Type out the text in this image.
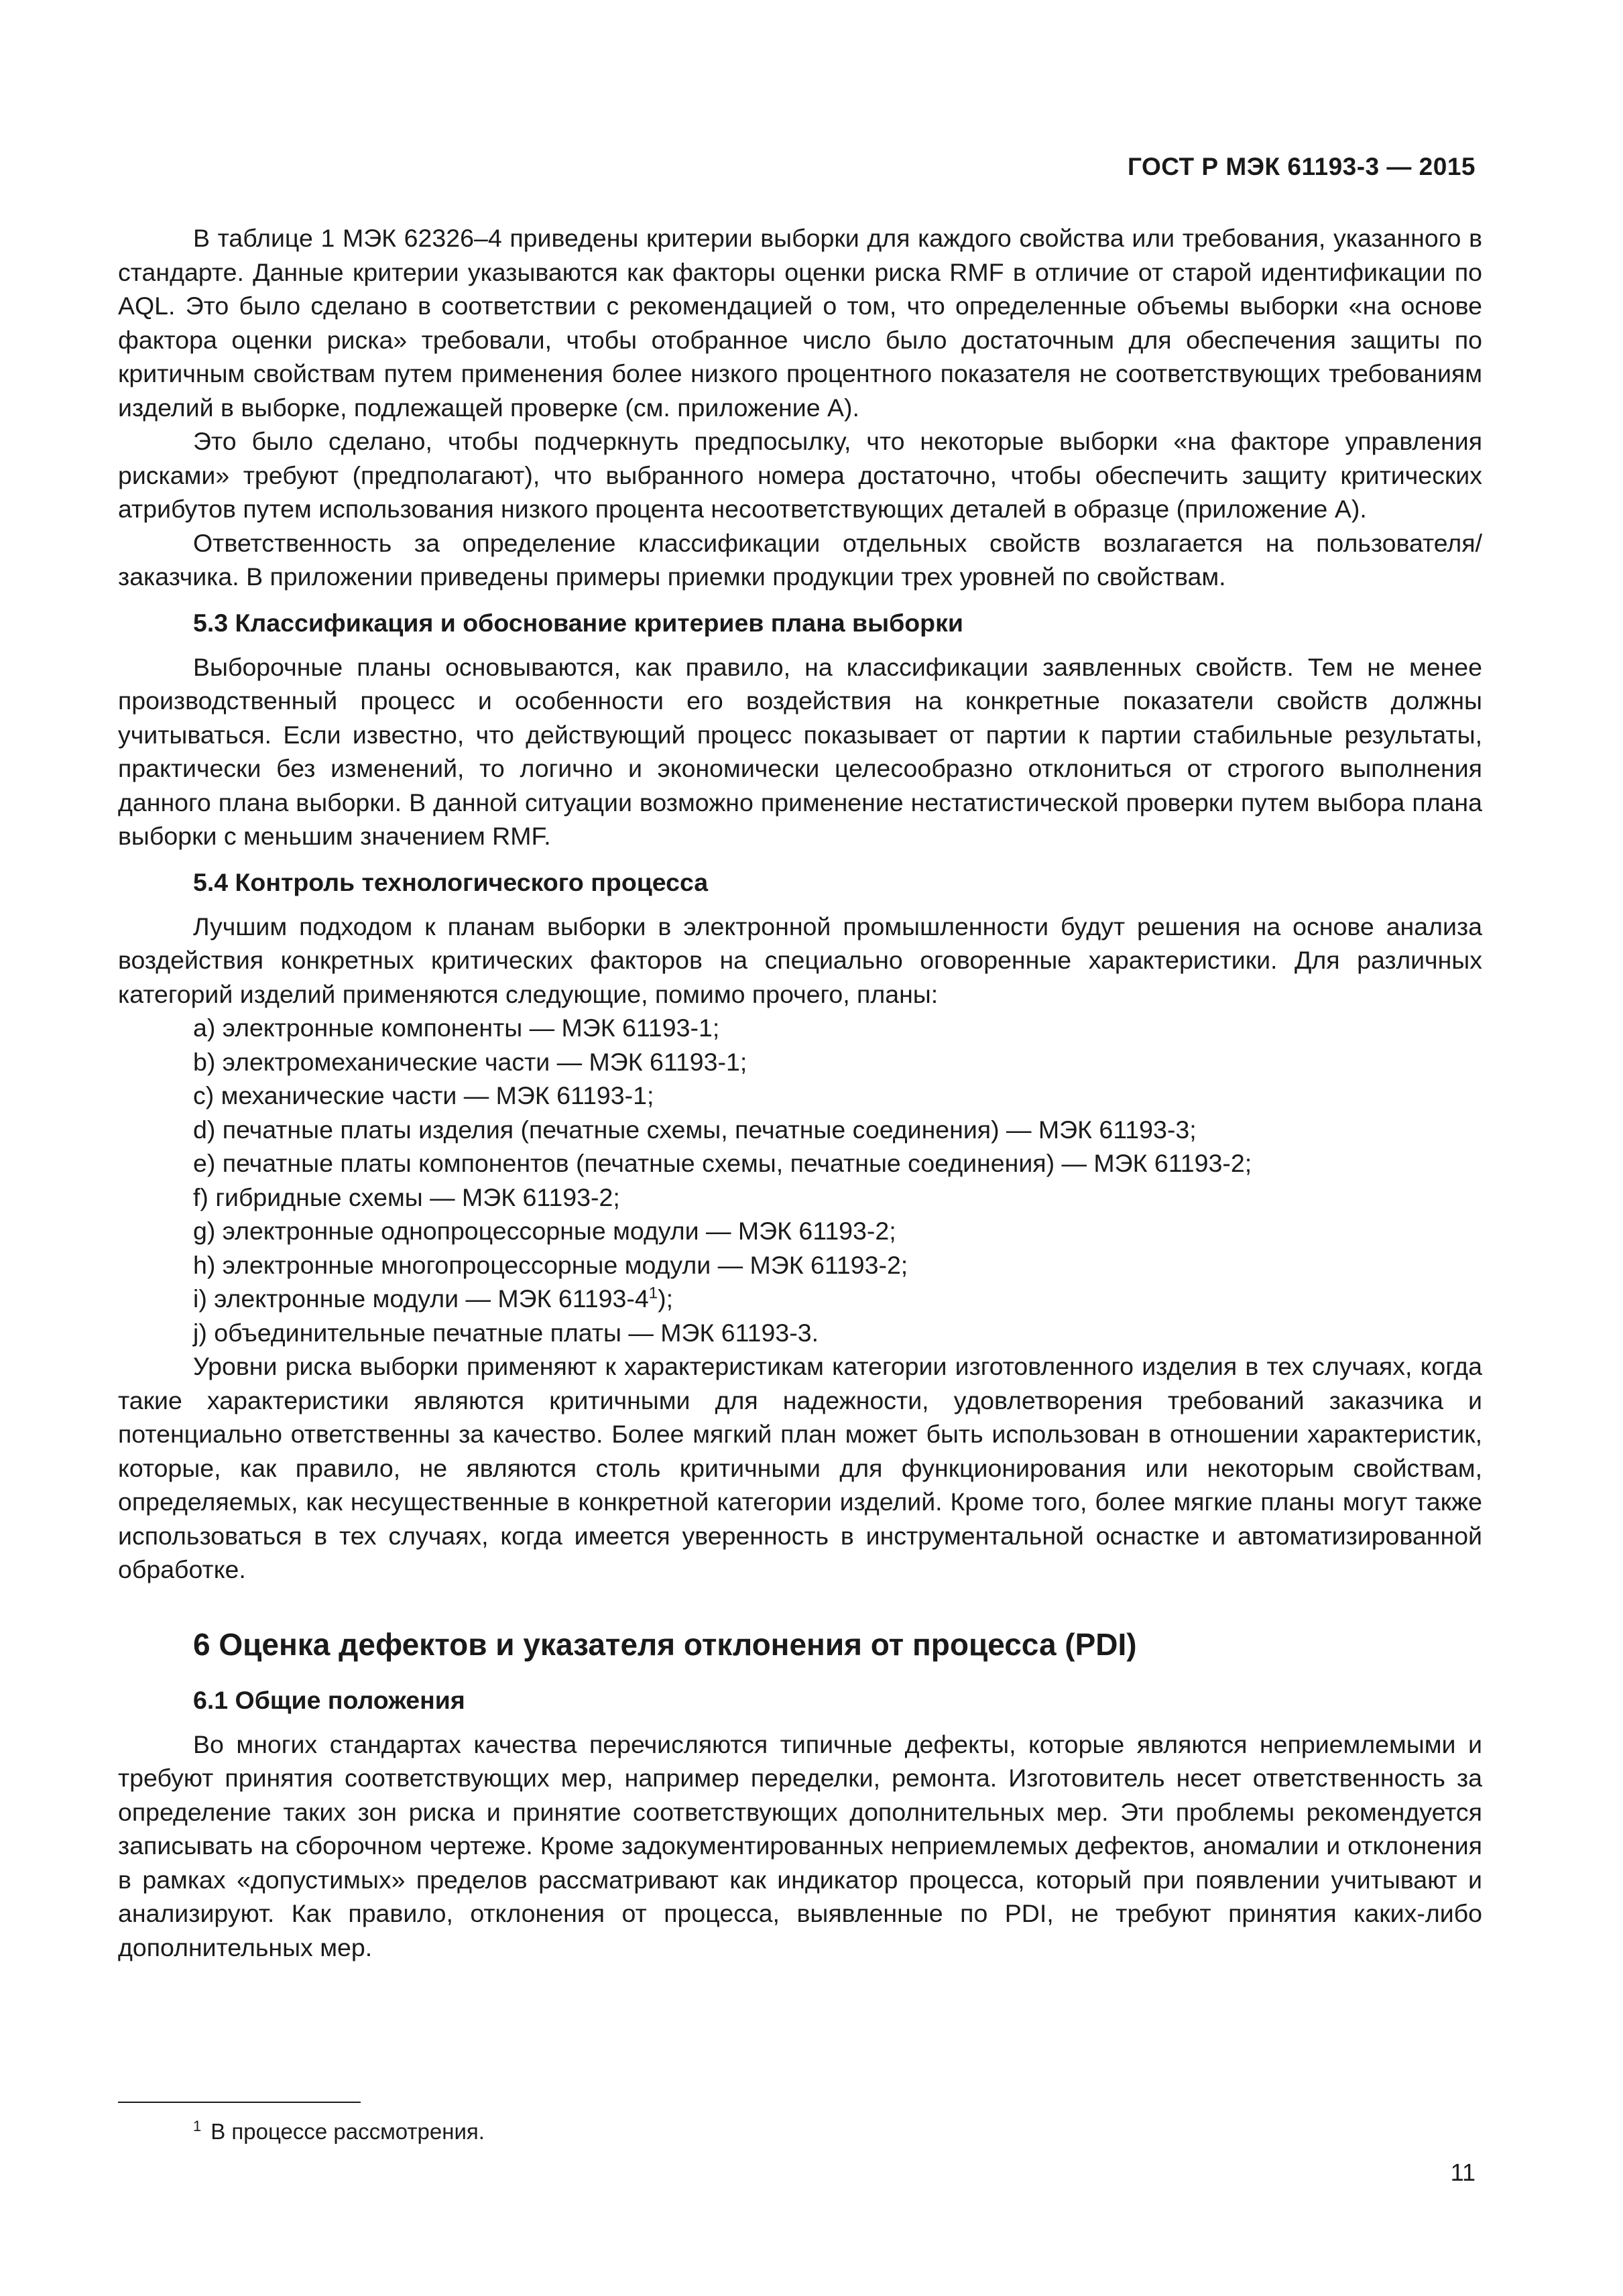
ГОСТ Р МЭК 61193-3 — 2015

В таблице 1 МЭК 62326–4 приведены критерии выборки для каждого свойства или требования, указанного в стандарте. Данные критерии указываются как факторы оценки риска RMF в отличие от старой идентификации по AQL. Это было сделано в соответствии с рекомендацией о том, что определенные объемы выборки «на основе фактора оценки риска» требовали, чтобы отобранное число было достаточным для обеспечения защиты по критичным свойствам путем применения более низкого процентного показателя не соответствующих требованиям изделий в выборке, подлежащей проверке (см. приложение А).

Это было сделано, чтобы подчеркнуть предпосылку, что некоторые выборки «на факторе управления рисками» требуют (предполагают), что выбранного номера достаточно, чтобы обеспечить защиту критических атрибутов путем использования низкого процента несоответствующих деталей в образце (приложение А).

Ответственность за определение классификации отдельных свойств возлагается на пользователя/ заказчика. В приложении приведены примеры приемки продукции трех уровней по свойствам.

5.3 Классификация и обоснование критериев плана выборки

Выборочные планы основываются, как правило, на классификации заявленных свойств. Тем не менее производственный процесс и особенности его воздействия на конкретные показатели свойств должны учитываться. Если известно, что действующий процесс показывает от партии к партии стабильные результаты, практически без изменений, то логично и экономически целесообразно отклониться от строгого выполнения данного плана выборки. В данной ситуации возможно применение нестатистической проверки путем выбора плана выборки с меньшим значением RMF.

5.4 Контроль технологического процесса

Лучшим подходом к планам выборки в электронной промышленности будут решения на основе анализа воздействия конкретных критических факторов на специально оговоренные характеристики. Для различных категорий изделий применяются следующие, помимо прочего, планы:

a) электронные компоненты — МЭК 61193-1;
b) электромеханические части — МЭК 61193-1;
c) механические части — МЭК 61193-1;
d) печатные платы изделия (печатные схемы, печатные соединения) — МЭК 61193-3;
e) печатные платы компонентов (печатные схемы, печатные соединения) — МЭК 61193-2;
f) гибридные схемы — МЭК 61193-2;
g) электронные однопроцессорные модули — МЭК 61193-2;
h) электронные многопроцессорные модули — МЭК 61193-2;
i) электронные модули — МЭК $61193-4^1$);
j) объединительные печатные платы — МЭК 61193-3.

Уровни риска выборки применяют к характеристикам категории изготовленного изделия в тех случаях, когда такие характеристики являются критичными для надежности, удовлетворения требований заказчика и потенциально ответственны за качество. Более мягкий план может быть использован в отношении характеристик, которые, как правило, не являются столь критичными для функционирования или некоторым свойствам, определяемых, как несущественные в конкретной категории изделий. Кроме того, более мягкие планы могут также использоваться в тех случаях, когда имеется уверенность в инструментальной оснастке и автоматизированной обработке.

6 Оценка дефектов и указателя отклонения от процесса (PDI)
6.1 Общие положения

Во многих стандартах качества перечисляются типичные дефекты, которые являются неприемлемыми и требуют принятия соответствующих мер, например переделки, ремонта. Изготовитель несет ответственность за определение таких зон риска и принятие соответствующих дополнительных мер. Эти проблемы рекомендуется записывать на сборочном чертеже. Кроме задокументированных неприемлемых дефектов, аномалии и отклонения в рамках «допустимых» пределов рассматривают как индикатор процесса, который при появлении учитывают и анализируют. Как правило, отклонения от процесса, выявленные по PDI, не требуют принятия каких-либо дополнительных мер.

$^1$ В процессе рассмотрения.
11
